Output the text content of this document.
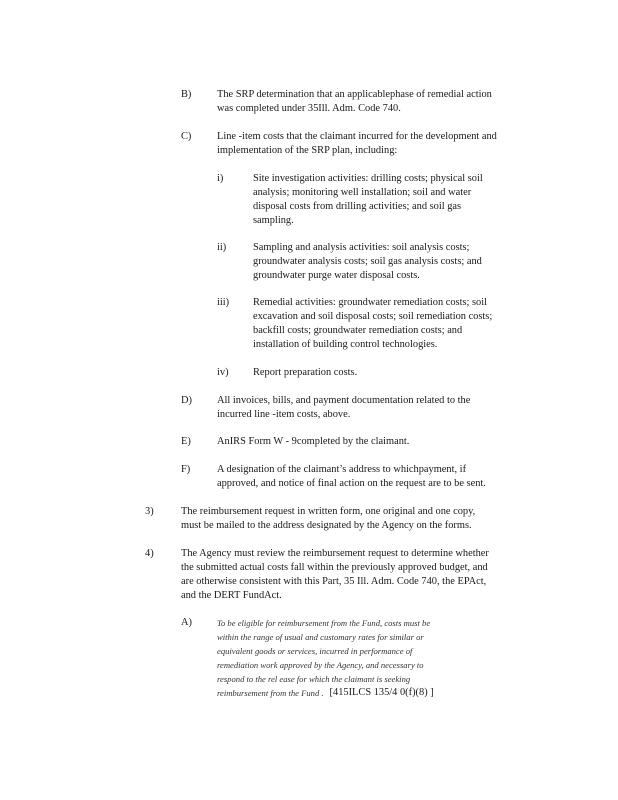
B) The SRP determination that an applicablephase of remedial action
was completed under 35Ill. Adm. Code 740.
C) Line -item costs that the claimant incurred for the development and
implementation of the SRP plan, including:
i)	Site investigation activities: drilling costs; physical soil
analysis; monitoring well installation; soil and water
disposal costs from drilling activities; and soil gas
sampling.
ii)	Sampling and analysis activities: soil analysis costs;
groundwater analysis costs; soil gas analysis costs; and
groundwater purge water disposal costs.
iii) Remedial activities: groundwater remediation costs; soil
excavation and soil disposal costs; soil remediation costs;
backfill costs; groundwater remediation costs; and
installation of building control technologies.
iv) Report preparation costs.
D) All invoices, bills, and payment documentation related to the
incurred line -item costs, above.
E)	AnIRS Form W - 9completed by the claimant.
F)	A designation of the claimant’s address to whichpayment, if
approved, and notice of final action on the request are to be sent.
3)	The reimbursement request in written form, one original and one copy,
must be mailed to the address designated by the Agency on the forms.
4)	The Agency must review the reimbursement request to determine whether
the submitted actual costs fall within the previously approved budget, and
are otherwise consistent with this Part, 35 Ill. Adm. Code 740, the EPAct,
and the DERT FundAct.
A)	To be eligible for reimbursement from the Fund, costs must be
within the range of usual and customary rates for similar or
equivalent goods or services, incurred in performance of
remediation work approved by the Agency, and necessary to
respond to the rel ease for which the claimant is seeking
reimbursement from the Fund . [415ILCS 135/4 0(f)(8) ]
